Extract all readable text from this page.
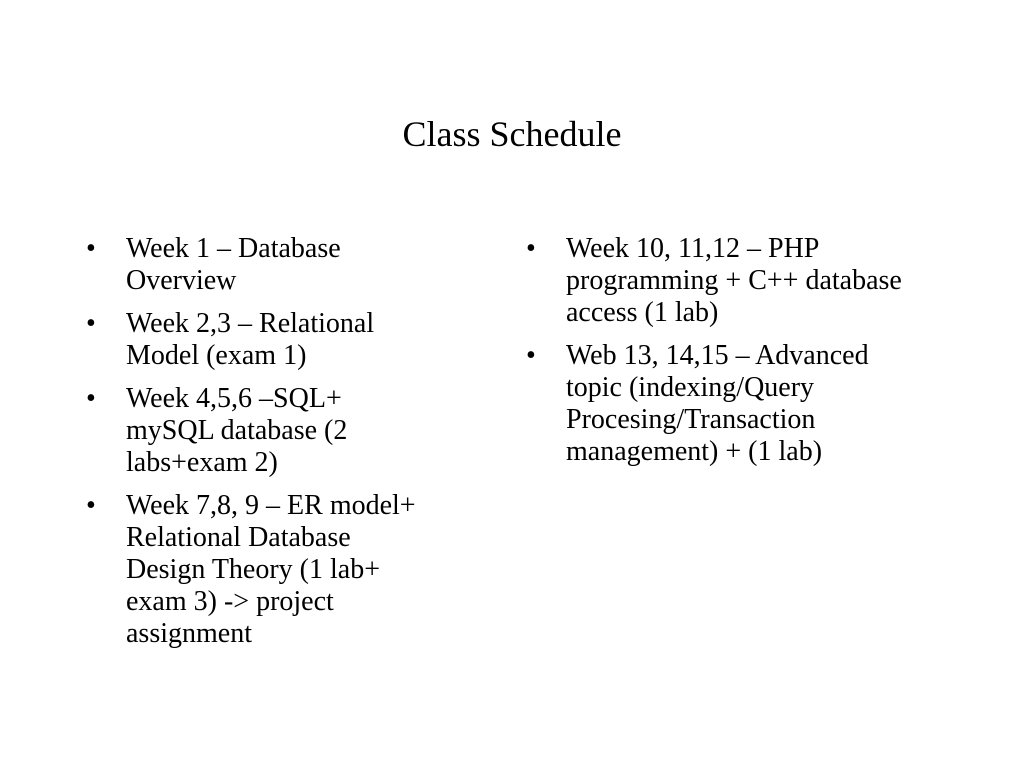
Class Schedule
• Week 1 – Database
Overview
• Week 2,3 – Relational
Model (exam 1)
• Week 4,5,6 –SQL+
mySQL database (2
labs+exam 2)
• Week 7,8, 9 – ER model+
Relational Database
Design Theory (1 lab+
exam 3) -> project
assignment
• Week 10, 11,12 – PHP
programming + C++ database
access (1 lab)
• Web 13, 14,15 – Advanced
topic (indexing/Query
Procesing/Transaction
management) + (1 lab)
